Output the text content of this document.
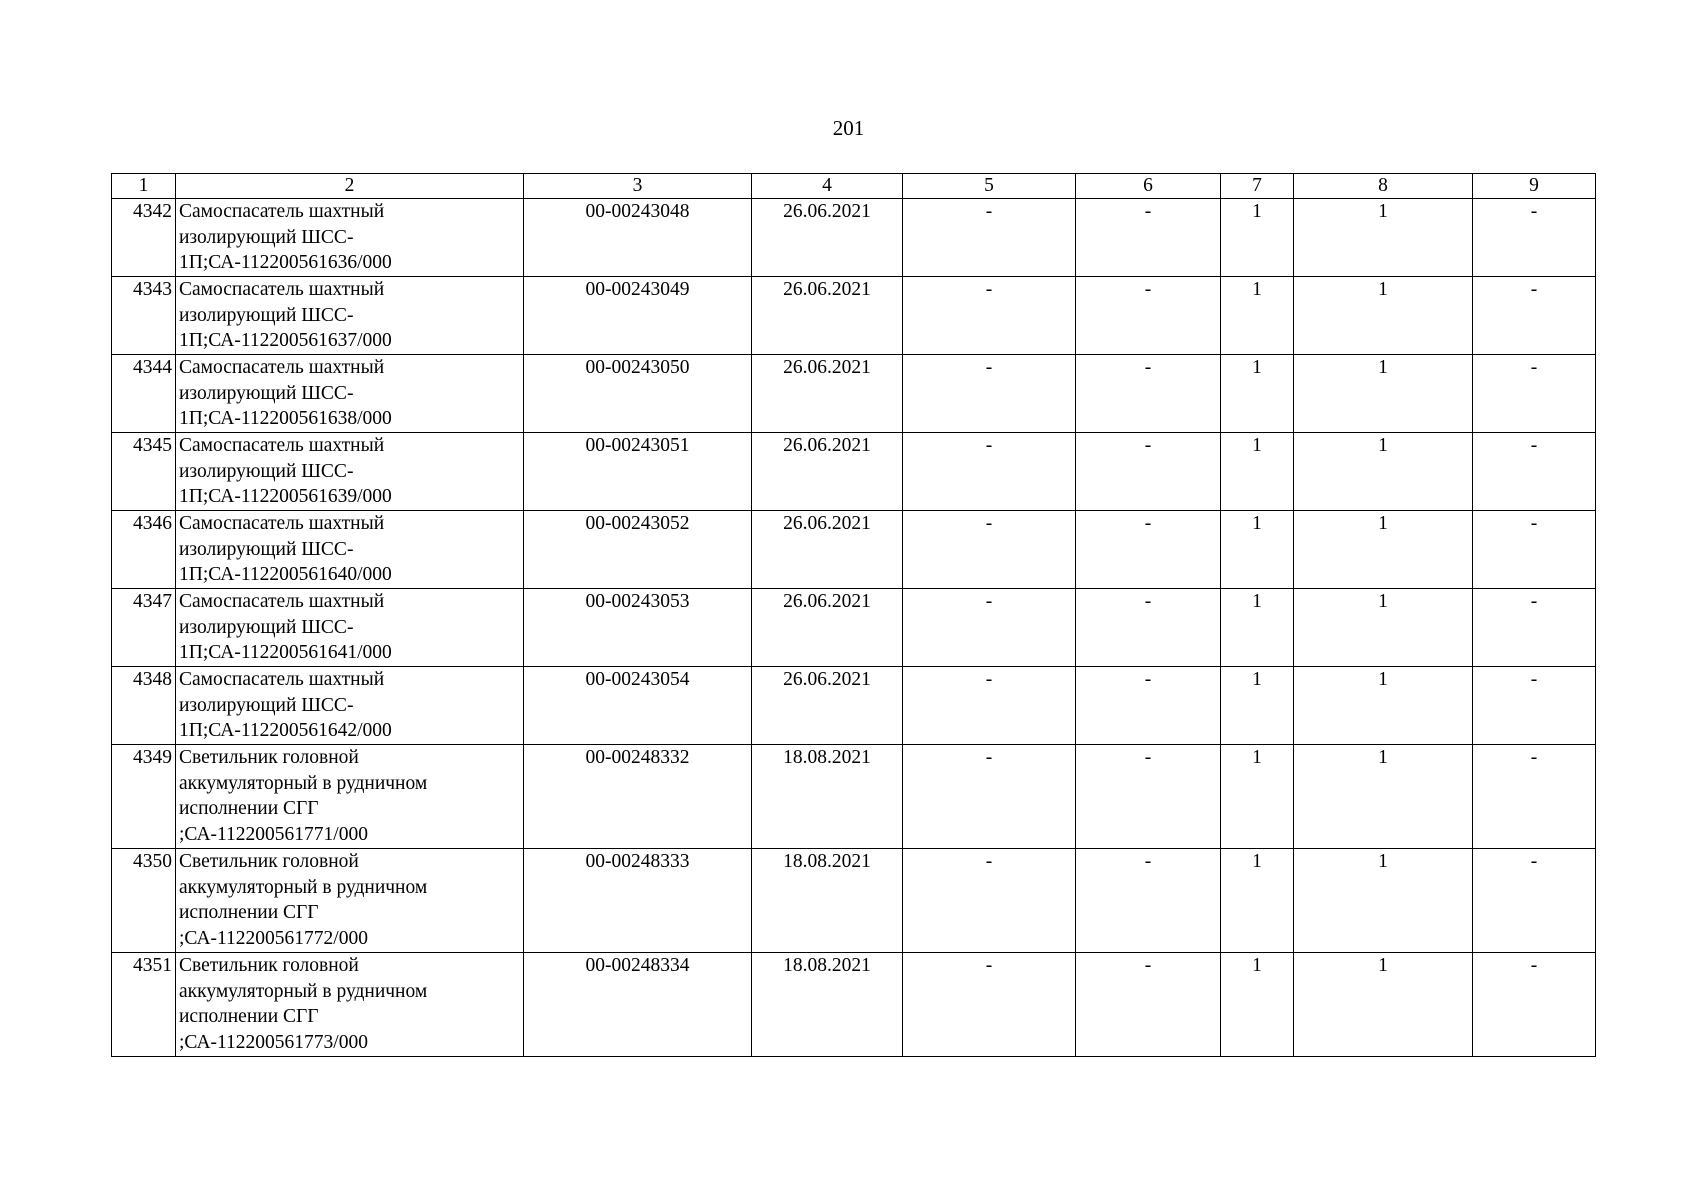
201
1	2	3	4	5	6	7	8	9
4342	Самоспасатель шахтный
изолирующий ШСС-
1П;СА-112200561636/000	00-00243048	26.06.2021	-	-	1	1	-
4343	Самоспасатель шахтный
изолирующий ШСС-
1П;СА-112200561637/000	00-00243049	26.06.2021	-	-	1	1	-
4344	Самоспасатель шахтный
изолирующий ШСС-
1П;СА-112200561638/000	00-00243050	26.06.2021	-	-	1	1	-
4345	Самоспасатель шахтный
изолирующий ШСС-
1П;СА-112200561639/000	00-00243051	26.06.2021	-	-	1	1	-
4346	Самоспасатель шахтный
изолирующий ШСС-
1П;СА-112200561640/000	00-00243052	26.06.2021	-	-	1	1	-
4347	Самоспасатель шахтный
изолирующий ШСС-
1П;СА-112200561641/000	00-00243053	26.06.2021	-	-	1	1	-
4348	Самоспасатель шахтный
изолирующий ШСС-
1П;СА-112200561642/000	00-00243054	26.06.2021	-	-	1	1	-
4349	Светильник головной
аккумуляторный в рудничном
исполнении СГГ
;СА-112200561771/000	00-00248332	18.08.2021	-	-	1	1	-
4350	Светильник головной
аккумуляторный в рудничном
исполнении СГГ
;СА-112200561772/000	00-00248333	18.08.2021	-	-	1	1	-
4351	Светильник головной
аккумуляторный в рудничном
исполнении СГГ
;СА-112200561773/000	00-00248334	18.08.2021	-	-	1	1	-
